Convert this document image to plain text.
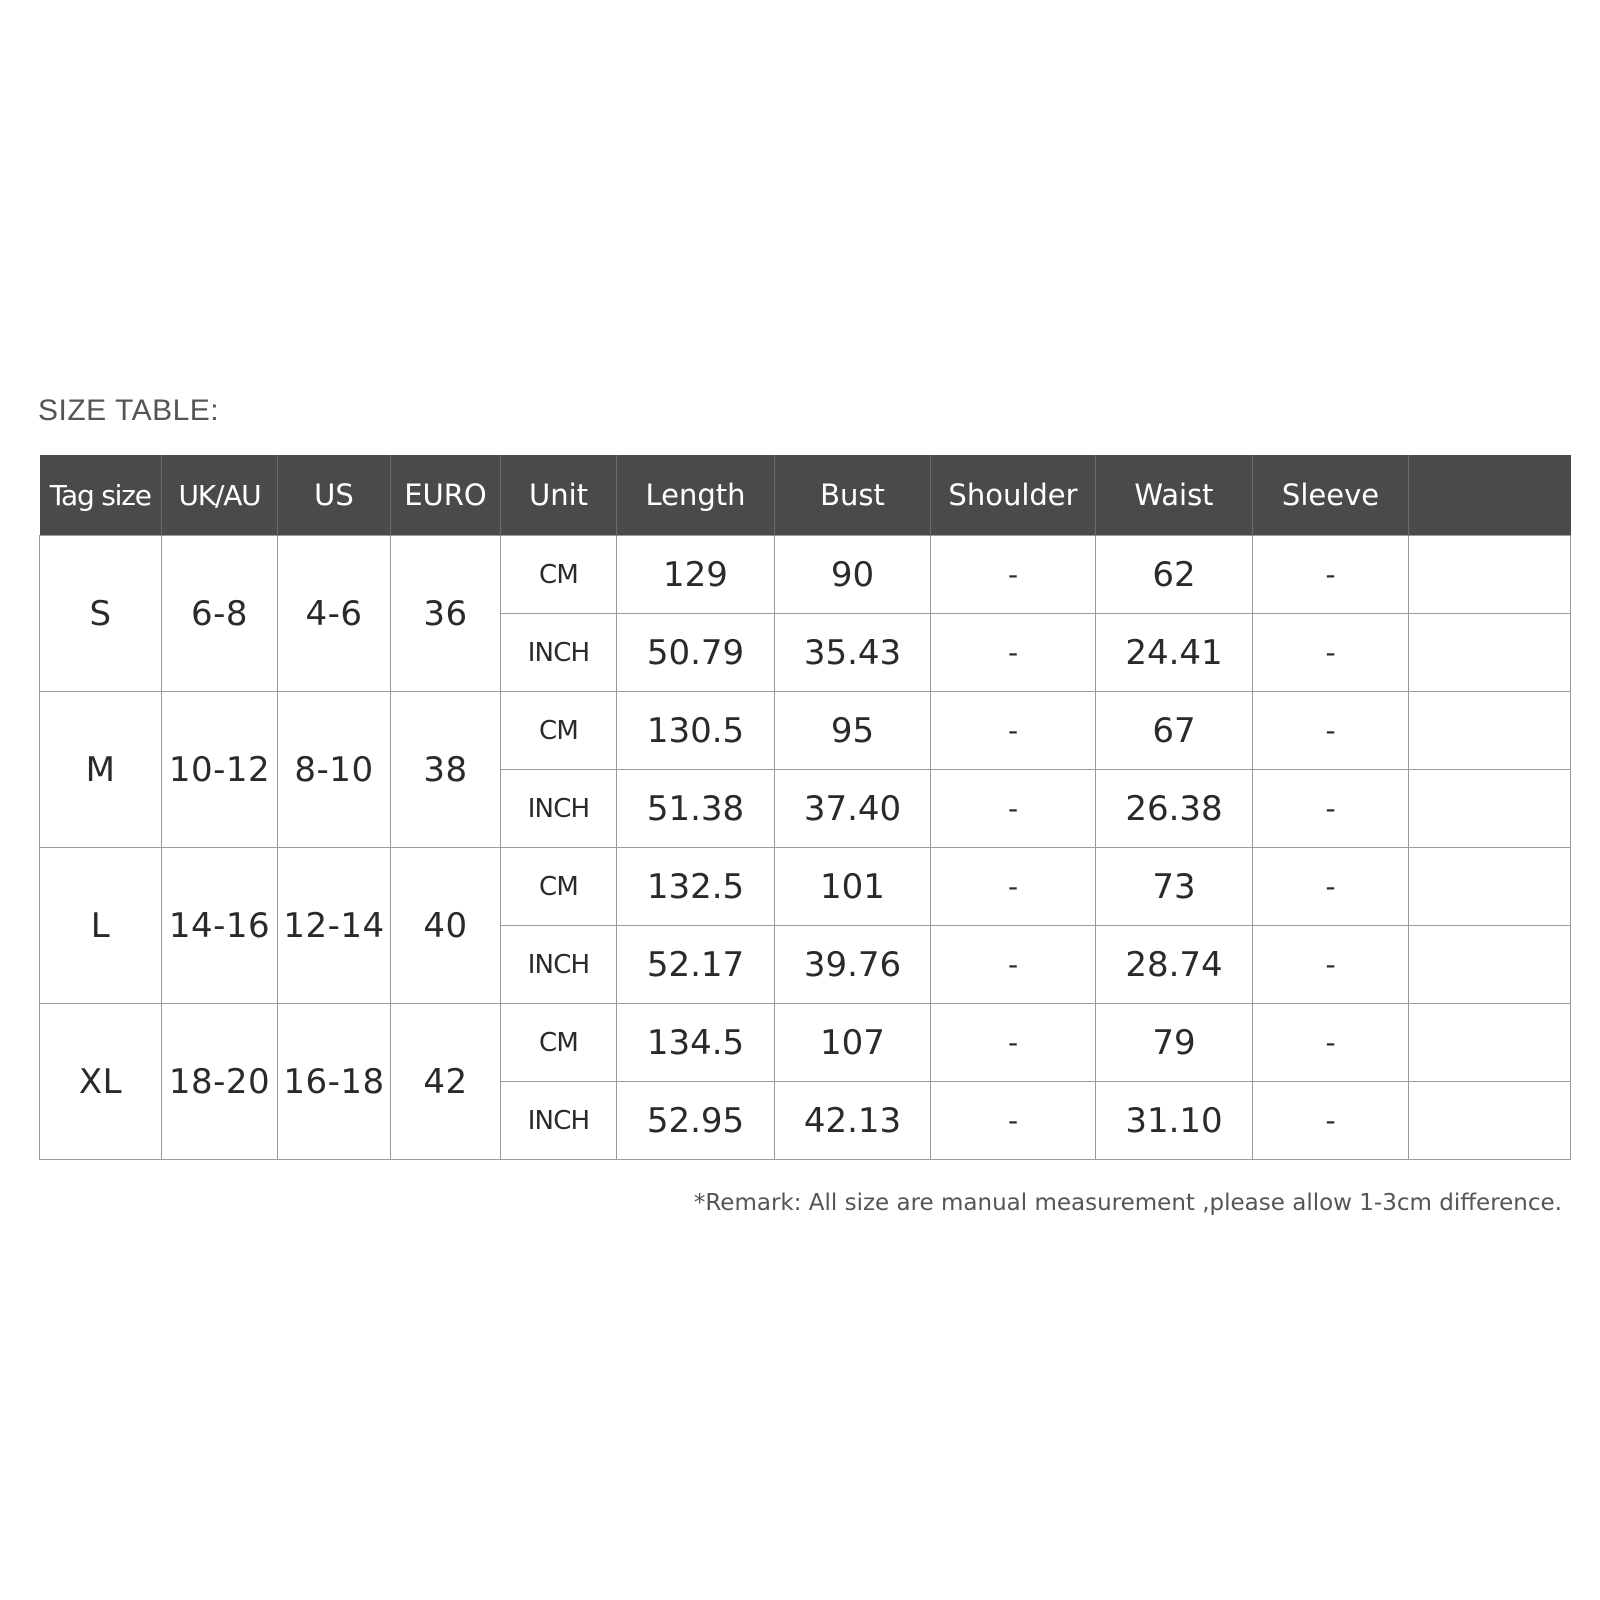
SIZE TABLE:
Tag size	UK/AU	US	EURO	Unit	Length	Bust	Shoulder	Waist	Sleeve	
S	6-8	4-6	36	CM	129	90	-	62	-	
				INCH	50.79	35.43	-	24.41	-	
M	10-12	8-10	38	CM	130.5	95	-	67	-	
				INCH	51.38	37.40	-	26.38	-	
L	14-16	12-14	40	CM	132.5	101	-	73	-	
				INCH	52.17	39.76	-	28.74	-	
XL	18-20	16-18	42	CM	134.5	107	-	79	-	
				INCH	52.95	42.13	-	31.10	-	
*Remark: All size are manual measurement ,please allow 1-3cm difference.
